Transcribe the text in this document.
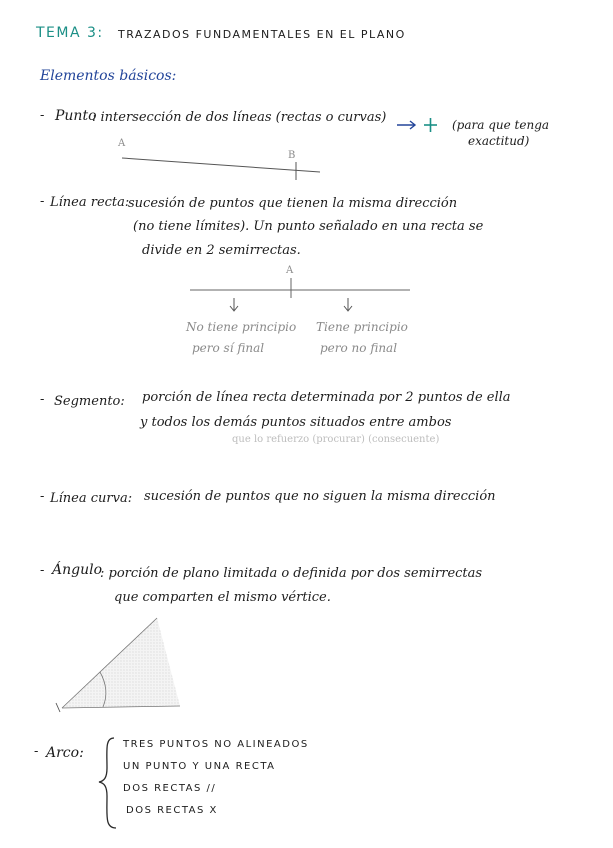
TEMA 3: TRAZADOS FUNDAMENTALES EN EL PLANO
Elementos básicos:
- Punto
: intersección de dos líneas (rectas o curvas)	(para que tenga
exactitud)
A
B
- Línea recta:
sucesión de puntos que tienen la misma dirección
(no tiene límites). Un punto señalado en una recta se
divide en 2 semirrectas.
A
No tiene principio
pero sí final
Tiene principio
pero no final
- Segmento: porción de línea recta determinada por 2 puntos de ella
y todos los demás puntos situados entre ambos
que lo refuerzo (procurar) (consecuente)
- Línea curva: sucesión de puntos que no siguen la misma dirección
- Ángulo
: porción de plano limitada o definida por dos semirrectas
que comparten el mismo vértice.
- Arco:
TRES PUNTOS NO ALINEADOS
UN PUNTO Y UNA RECTA
DOS RECTAS //
DOS RECTAS X
